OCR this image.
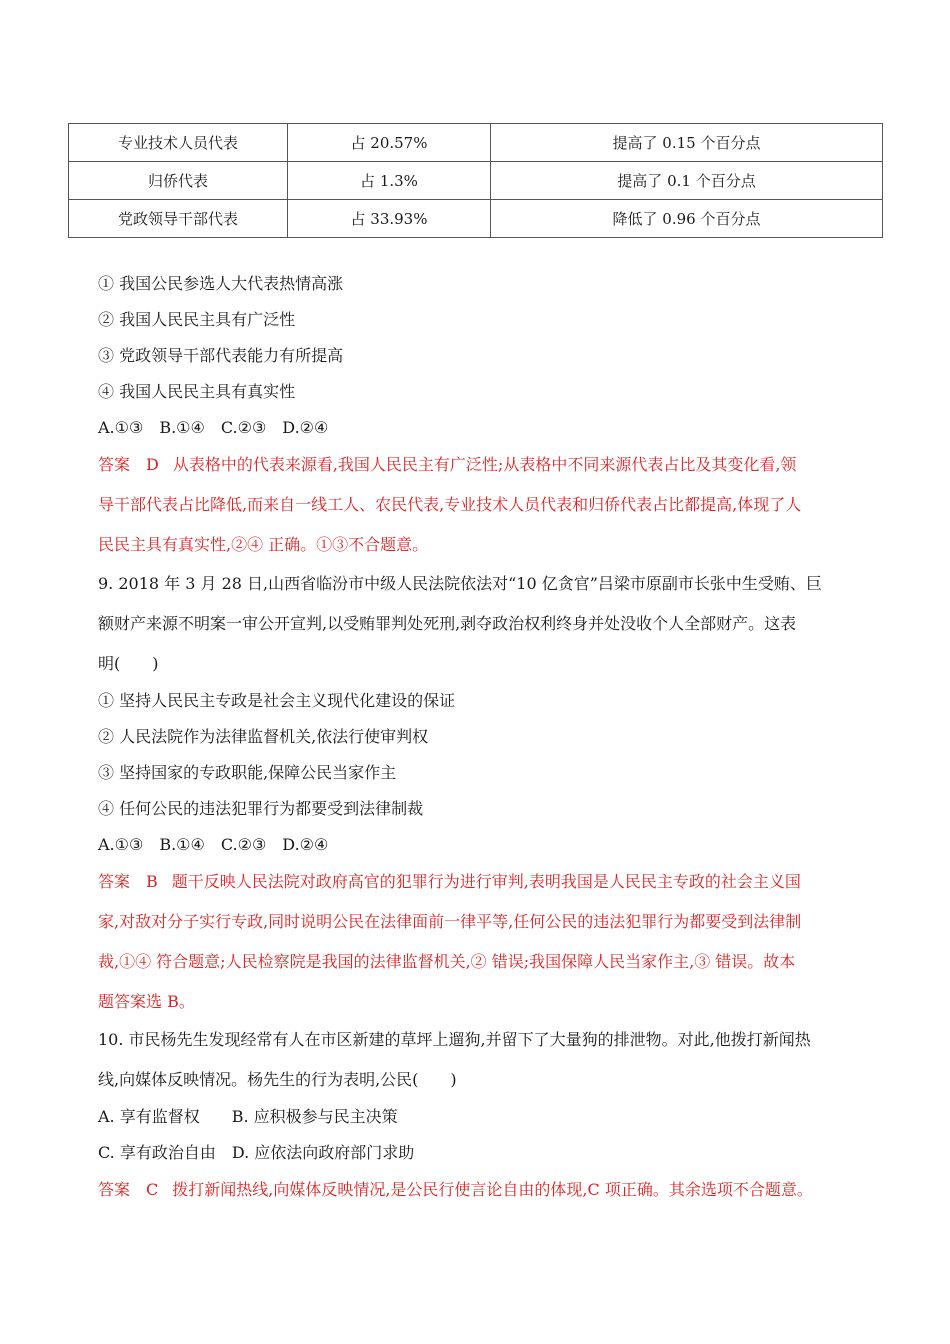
专业技术人员代表	占 20.57%	提高了 0.15 个百分点
归侨代表	占 1.3%	提高了 0.1 个百分点
党政领导干部代表	占 33.93%	降低了 0.96 个百分点
① 我国公民参选人大代表热情高涨
② 我国人民民主具有广泛性
③ 党政领导干部代表能力有所提高
④ 我国人民民主具有真实性
A.①③　B.①④　C.②③　D.②④
答案　D 从表格中的代表来源看,我国人民民主有广泛性;从表格中不同来源代表占比及其变化看,领
导干部代表占比降低,而来自一线工人、农民代表,专业技术人员代表和归侨代表占比都提高,体现了人
民民主具有真实性,②④ 正确。①③不合题意。
9. 2018 年 3 月 28 日,山西省临汾市中级人民法院依法对“10 亿贪官”吕梁市原副市长张中生受贿、巨
额财产来源不明案一审公开宣判,以受贿罪判处死刑,剥夺政治权利终身并处没收个人全部财产。这表
明(　　)
① 坚持人民民主专政是社会主义现代化建设的保证
② 人民法院作为法律监督机关,依法行使审判权
③ 坚持国家的专政职能,保障公民当家作主
④ 任何公民的违法犯罪行为都要受到法律制裁
A.①③　B.①④　C.②③　D.②④
答案　B 题干反映人民法院对政府高官的犯罪行为进行审判,表明我国是人民民主专政的社会主义国
家,对敌对分子实行专政,同时说明公民在法律面前一律平等,任何公民的违法犯罪行为都要受到法律制
裁,①④ 符合题意;人民检察院是我国的法律监督机关,② 错误;我国保障人民当家作主,③ 错误。故本
题答案选 B。
10. 市民杨先生发现经常有人在市区新建的草坪上遛狗,并留下了大量狗的排泄物。对此,他拨打新闻热
线,向媒体反映情况。杨先生的行为表明,公民(　　)
A. 享有监督权　　B. 应积极参与民主决策
C. 享有政治自由　D. 应依法向政府部门求助
答案　C 拨打新闻热线,向媒体反映情况,是公民行使言论自由的体现,C 项正确。其余选项不合题意。
